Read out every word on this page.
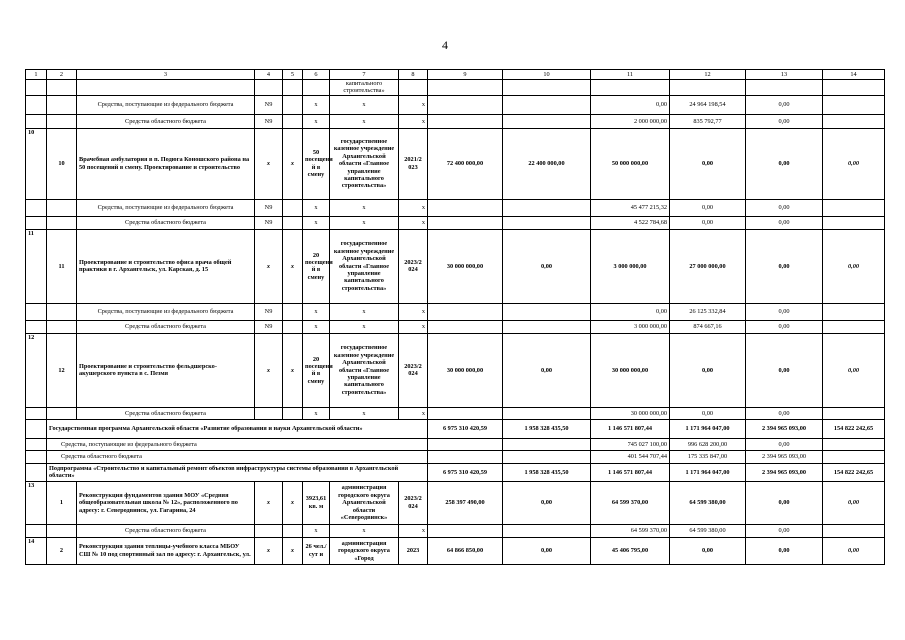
4
1	2	3	4	5	6	7	8	9	10	11	12	13	14
						капитального строительства»							
		Средства, поступающие из федерального бюджета	N9		x	x	x			0,00	24 964 198,54	0,00	
		Средства областного бюджета	N9		x	x	x			2 000 000,00	835 792,77	0,00	
10	10	Врачебная амбулатория в п. Подюга Коношского района на 50 посещений в смену. Проектирование и строительство	x	x	50 посещени й в смену	государственное казенное учреждение Архангельской области «Главное управление капитального строительства»	2021/2 023	72 400 000,00	22 400 000,00	50 000 000,00	0,00	0,00	0,00
		Средства, поступающие из федерального бюджета	N9		x	x	x			45 477 215,32	0,00	0,00	
		Средства областного бюджета	N9		x	x	x			4 522 784,68	0,00	0,00	
11	11	Проектирование и строительство офиса врача общей практики в г. Архангельск, ул. Карская, д. 15	x	x	20 посещени й в смену	государственное казенное учреждение Архангельской области «Главное управление капитального строительства»	2023/2 024	30 000 000,00	0,00	3 000 000,00	27 000 000,00	0,00	0,00
		Средства, поступающие из федерального бюджета	N9		x	x	x			0,00	26 125 332,84	0,00	
		Средства областного бюджета	N9		x	x	x			3 000 000,00	874 667,16	0,00	
12	12	Проектирование и строительство фельдшерско-акушерского пункта в с. Пезмя	x	x	20 посещени й в смену	государственное казенное учреждение Архангельской области «Главное управление капитального строительства»	2023/2 024	30 000 000,00	0,00	30 000 000,00	0,00	0,00	0,00
		Средства областного бюджета			x	x	x			30 000 000,00	0,00	0,00	
	Государственная программа Архангельской области «Развитие образования и науки Архангельской области»							6 975 310 420,59	1 958 328 435,50	1 146 571 807,44	1 171 964 047,00	2 394 965 093,00	154 822 242,65
	Средства, поступающие из федерального бюджета									745 027 100,00	996 628 200,00	0,00	
	Средства областного бюджета									401 544 707,44	175 335 847,00	2 394 965 093,00	
	Подпрограмма «Строительство и капитальный ремонт объектов инфраструктуры системы образования в Архангельской области»							6 975 310 420,59	1 958 328 435,50	1 146 571 807,44	1 171 964 047,00	2 394 965 093,00	154 822 242,65
13	1	Реконструкция фундаментов здания МОУ «Средняя общеобразовательная школа № 12», расположенного по адресу: г. Северодвинск, ул. Гагарина, 24	x	x	3923,61 кв. м	администрация городского округа Архангельской области «Северодвинск»	2023/2 024	258 397 490,00	0,00	64 599 370,00	64 599 380,00	0,00	0,00
		Средства областного бюджета			x	x	x			64 599 370,00	64 599 380,00	0,00	
14	2	Реконструкция здания теплицы-учебного класса МБОУ СШ № 10 под спортивный зал по адресу: г. Архангельск, ул.	x	x	26 чел./сут и	администрация городского округа «Город	2023	64 866 850,00	0,00	45 406 795,00	0,00	0,00	0,00
